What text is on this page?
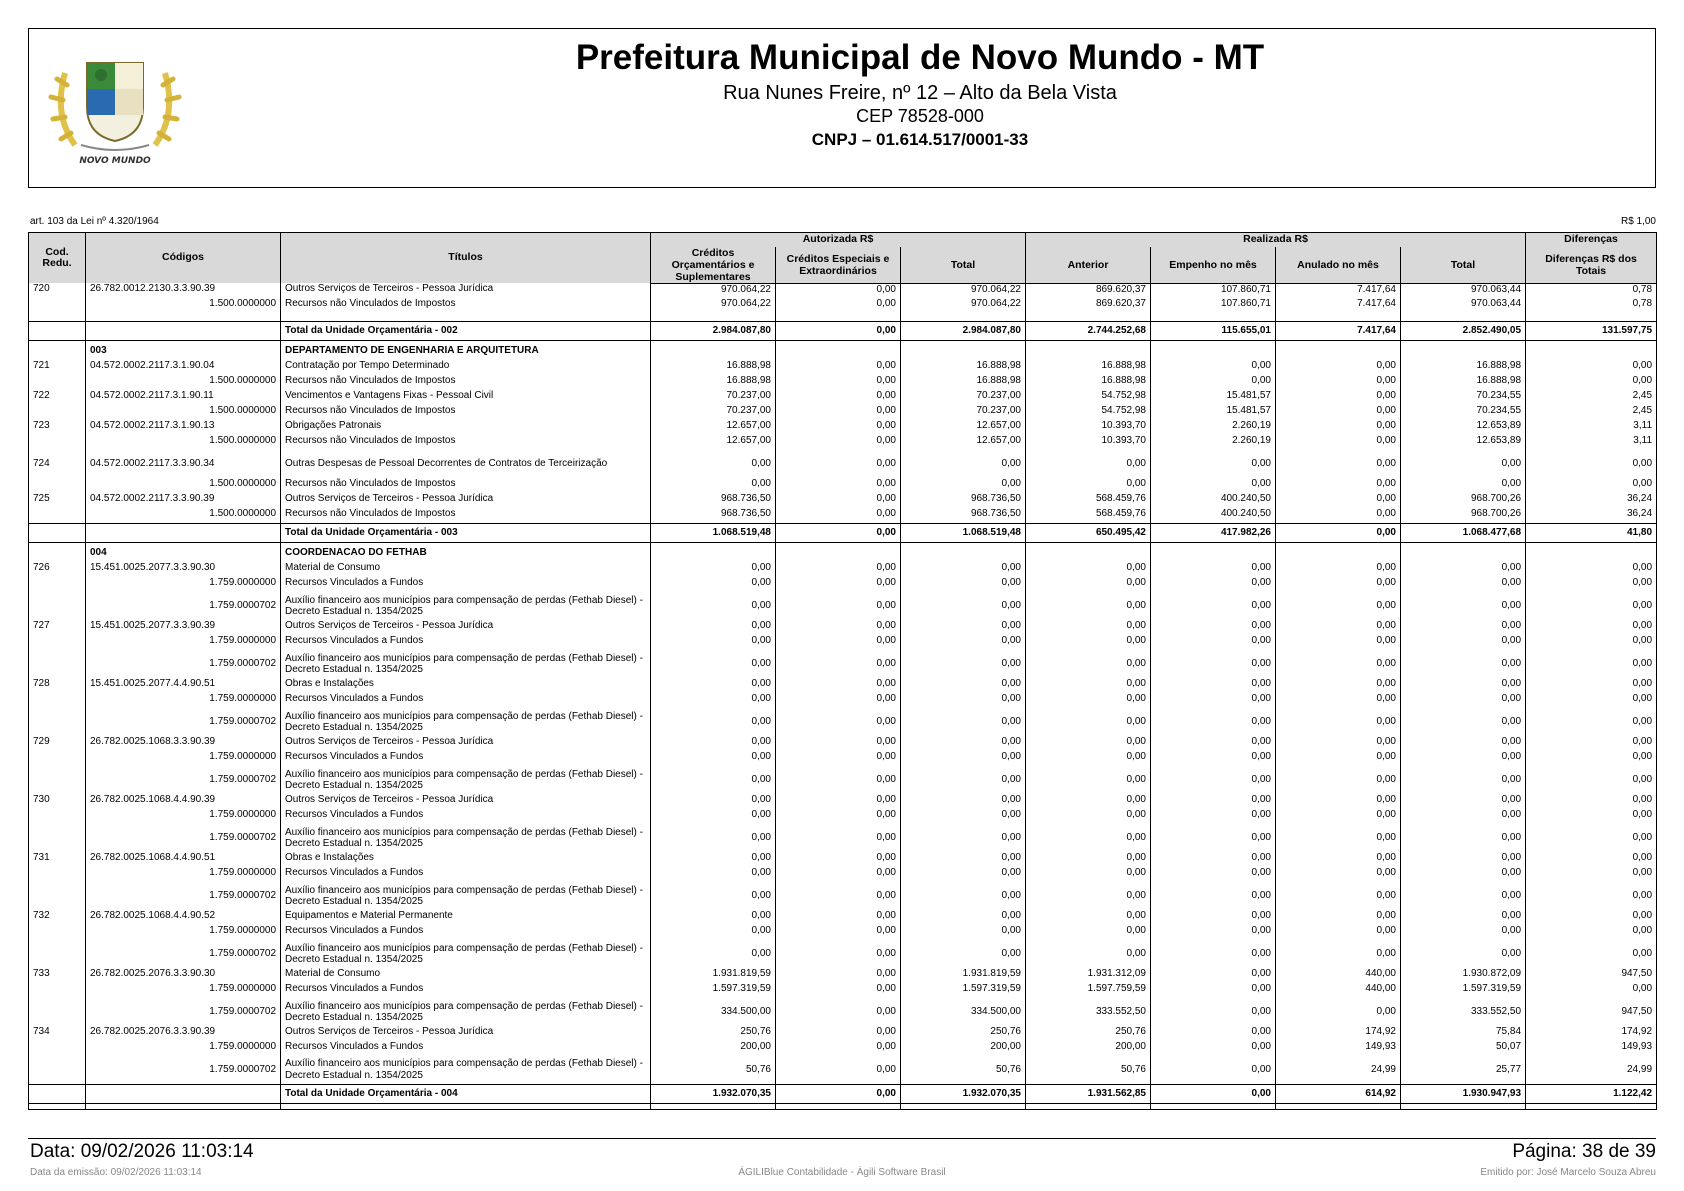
NOVO MUNDO
Prefeitura Municipal de Novo Mundo - MT
Rua Nunes Freire, nº 12 – Alto da Bela Vista
CEP 78528-000
CNPJ – 01.614.517/0001-33
art. 103 da Lei nº 4.320/1964	R$ 1,00
Cod. Redu.	Códigos	Títulos	Autorizada R$			Realizada R$				Diferenças
			Créditos Orçamentários e Suplementares	Créditos Especiais e Extraordinários	Total	Anterior	Empenho no mês	Anulado no mês	Total	Diferenças R$ dos Totais
720	26.782.0012.2130.3.3.90.39	Outros Serviços de Terceiros - Pessoa Jurídica	970.064,22	0,00	970.064,22	869.620,37	107.860,71	7.417,64	970.063,44	0,78
	1.500.0000000	Recursos não Vinculados de Impostos	970.064,22	0,00	970.064,22	869.620,37	107.860,71	7.417,64	970.063,44	0,78

		Total da Unidade Orçamentária - 002	2.984.087,80	0,00	2.984.087,80	2.744.252,68	115.655,01	7.417,64	2.852.490,05	131.597,75
	003	DEPARTAMENTO DE ENGENHARIA E ARQUITETURA								
721	04.572.0002.2117.3.1.90.04	Contratação por Tempo Determinado	16.888,98	0,00	16.888,98	16.888,98	0,00	0,00	16.888,98	0,00
	1.500.0000000	Recursos não Vinculados de Impostos	16.888,98	0,00	16.888,98	16.888,98	0,00	0,00	16.888,98	0,00
722	04.572.0002.2117.3.1.90.11	Vencimentos e Vantagens Fixas - Pessoal Civil	70.237,00	0,00	70.237,00	54.752,98	15.481,57	0,00	70.234,55	2,45
	1.500.0000000	Recursos não Vinculados de Impostos	70.237,00	0,00	70.237,00	54.752,98	15.481,57	0,00	70.234,55	2,45
723	04.572.0002.2117.3.1.90.13	Obrigações Patronais	12.657,00	0,00	12.657,00	10.393,70	2.260,19	0,00	12.653,89	3,11
	1.500.0000000	Recursos não Vinculados de Impostos	12.657,00	0,00	12.657,00	10.393,70	2.260,19	0,00	12.653,89	3,11
724	04.572.0002.2117.3.3.90.34	Outras Despesas de Pessoal Decorrentes de Contratos de Terceirização	0,00	0,00	0,00	0,00	0,00	0,00	0,00	0,00
	1.500.0000000	Recursos não Vinculados de Impostos	0,00	0,00	0,00	0,00	0,00	0,00	0,00	0,00
725	04.572.0002.2117.3.3.90.39	Outros Serviços de Terceiros - Pessoa Jurídica	968.736,50	0,00	968.736,50	568.459,76	400.240,50	0,00	968.700,26	36,24
	1.500.0000000	Recursos não Vinculados de Impostos	968.736,50	0,00	968.736,50	568.459,76	400.240,50	0,00	968.700,26	36,24
		Total da Unidade Orçamentária - 003	1.068.519,48	0,00	1.068.519,48	650.495,42	417.982,26	0,00	1.068.477,68	41,80
	004	COORDENACAO DO FETHAB								
726	15.451.0025.2077.3.3.90.30	Material de Consumo	0,00	0,00	0,00	0,00	0,00	0,00	0,00	0,00
	1.759.0000000	Recursos Vinculados a Fundos	0,00	0,00	0,00	0,00	0,00	0,00	0,00	0,00
	1.759.0000702	Auxílio financeiro aos municípios para compensação de perdas (Fethab Diesel) - Decreto Estadual n. 1354/2025	0,00	0,00	0,00	0,00	0,00	0,00	0,00	0,00
727	15.451.0025.2077.3.3.90.39	Outros Serviços de Terceiros - Pessoa Jurídica	0,00	0,00	0,00	0,00	0,00	0,00	0,00	0,00
	1.759.0000000	Recursos Vinculados a Fundos	0,00	0,00	0,00	0,00	0,00	0,00	0,00	0,00
	1.759.0000702	Auxílio financeiro aos municípios para compensação de perdas (Fethab Diesel) - Decreto Estadual n. 1354/2025	0,00	0,00	0,00	0,00	0,00	0,00	0,00	0,00
728	15.451.0025.2077.4.4.90.51	Obras e Instalações	0,00	0,00	0,00	0,00	0,00	0,00	0,00	0,00
	1.759.0000000	Recursos Vinculados a Fundos	0,00	0,00	0,00	0,00	0,00	0,00	0,00	0,00
	1.759.0000702	Auxílio financeiro aos municípios para compensação de perdas (Fethab Diesel) - Decreto Estadual n. 1354/2025	0,00	0,00	0,00	0,00	0,00	0,00	0,00	0,00
729	26.782.0025.1068.3.3.90.39	Outros Serviços de Terceiros - Pessoa Jurídica	0,00	0,00	0,00	0,00	0,00	0,00	0,00	0,00
	1.759.0000000	Recursos Vinculados a Fundos	0,00	0,00	0,00	0,00	0,00	0,00	0,00	0,00
	1.759.0000702	Auxílio financeiro aos municípios para compensação de perdas (Fethab Diesel) - Decreto Estadual n. 1354/2025	0,00	0,00	0,00	0,00	0,00	0,00	0,00	0,00
730	26.782.0025.1068.4.4.90.39	Outros Serviços de Terceiros - Pessoa Jurídica	0,00	0,00	0,00	0,00	0,00	0,00	0,00	0,00
	1.759.0000000	Recursos Vinculados a Fundos	0,00	0,00	0,00	0,00	0,00	0,00	0,00	0,00
	1.759.0000702	Auxílio financeiro aos municípios para compensação de perdas (Fethab Diesel) - Decreto Estadual n. 1354/2025	0,00	0,00	0,00	0,00	0,00	0,00	0,00	0,00
731	26.782.0025.1068.4.4.90.51	Obras e Instalações	0,00	0,00	0,00	0,00	0,00	0,00	0,00	0,00
	1.759.0000000	Recursos Vinculados a Fundos	0,00	0,00	0,00	0,00	0,00	0,00	0,00	0,00
	1.759.0000702	Auxílio financeiro aos municípios para compensação de perdas (Fethab Diesel) - Decreto Estadual n. 1354/2025	0,00	0,00	0,00	0,00	0,00	0,00	0,00	0,00
732	26.782.0025.1068.4.4.90.52	Equipamentos e Material Permanente	0,00	0,00	0,00	0,00	0,00	0,00	0,00	0,00
	1.759.0000000	Recursos Vinculados a Fundos	0,00	0,00	0,00	0,00	0,00	0,00	0,00	0,00
	1.759.0000702	Auxílio financeiro aos municípios para compensação de perdas (Fethab Diesel) - Decreto Estadual n. 1354/2025	0,00	0,00	0,00	0,00	0,00	0,00	0,00	0,00
733	26.782.0025.2076.3.3.90.30	Material de Consumo	1.931.819,59	0,00	1.931.819,59	1.931.312,09	0,00	440,00	1.930.872,09	947,50
	1.759.0000000	Recursos Vinculados a Fundos	1.597.319,59	0,00	1.597.319,59	1.597.759,59	0,00	440,00	1.597.319,59	0,00
	1.759.0000702	Auxílio financeiro aos municípios para compensação de perdas (Fethab Diesel) - Decreto Estadual n. 1354/2025	334.500,00	0,00	334.500,00	333.552,50	0,00	0,00	333.552,50	947,50
734	26.782.0025.2076.3.3.90.39	Outros Serviços de Terceiros - Pessoa Jurídica	250,76	0,00	250,76	250,76	0,00	174,92	75,84	174,92
	1.759.0000000	Recursos Vinculados a Fundos	200,00	0,00	200,00	200,00	0,00	149,93	50,07	149,93
	1.759.0000702	Auxílio financeiro aos municípios para compensação de perdas (Fethab Diesel) - Decreto Estadual n. 1354/2025	50,76	0,00	50,76	50,76	0,00	24,99	25,77	24,99
		Total da Unidade Orçamentária - 004	1.932.070,35	0,00	1.932.070,35	1.931.562,85	0,00	614,92	1.930.947,93	1.122,42

Data: 09/02/2026 11:03:14	Página: 38 de 39
Data da emissão: 09/02/2026 11:03:14	ÁGILIBlue Contabilidade - Ágili Software Brasil	Emitido por: José Marcelo Souza Abreu
